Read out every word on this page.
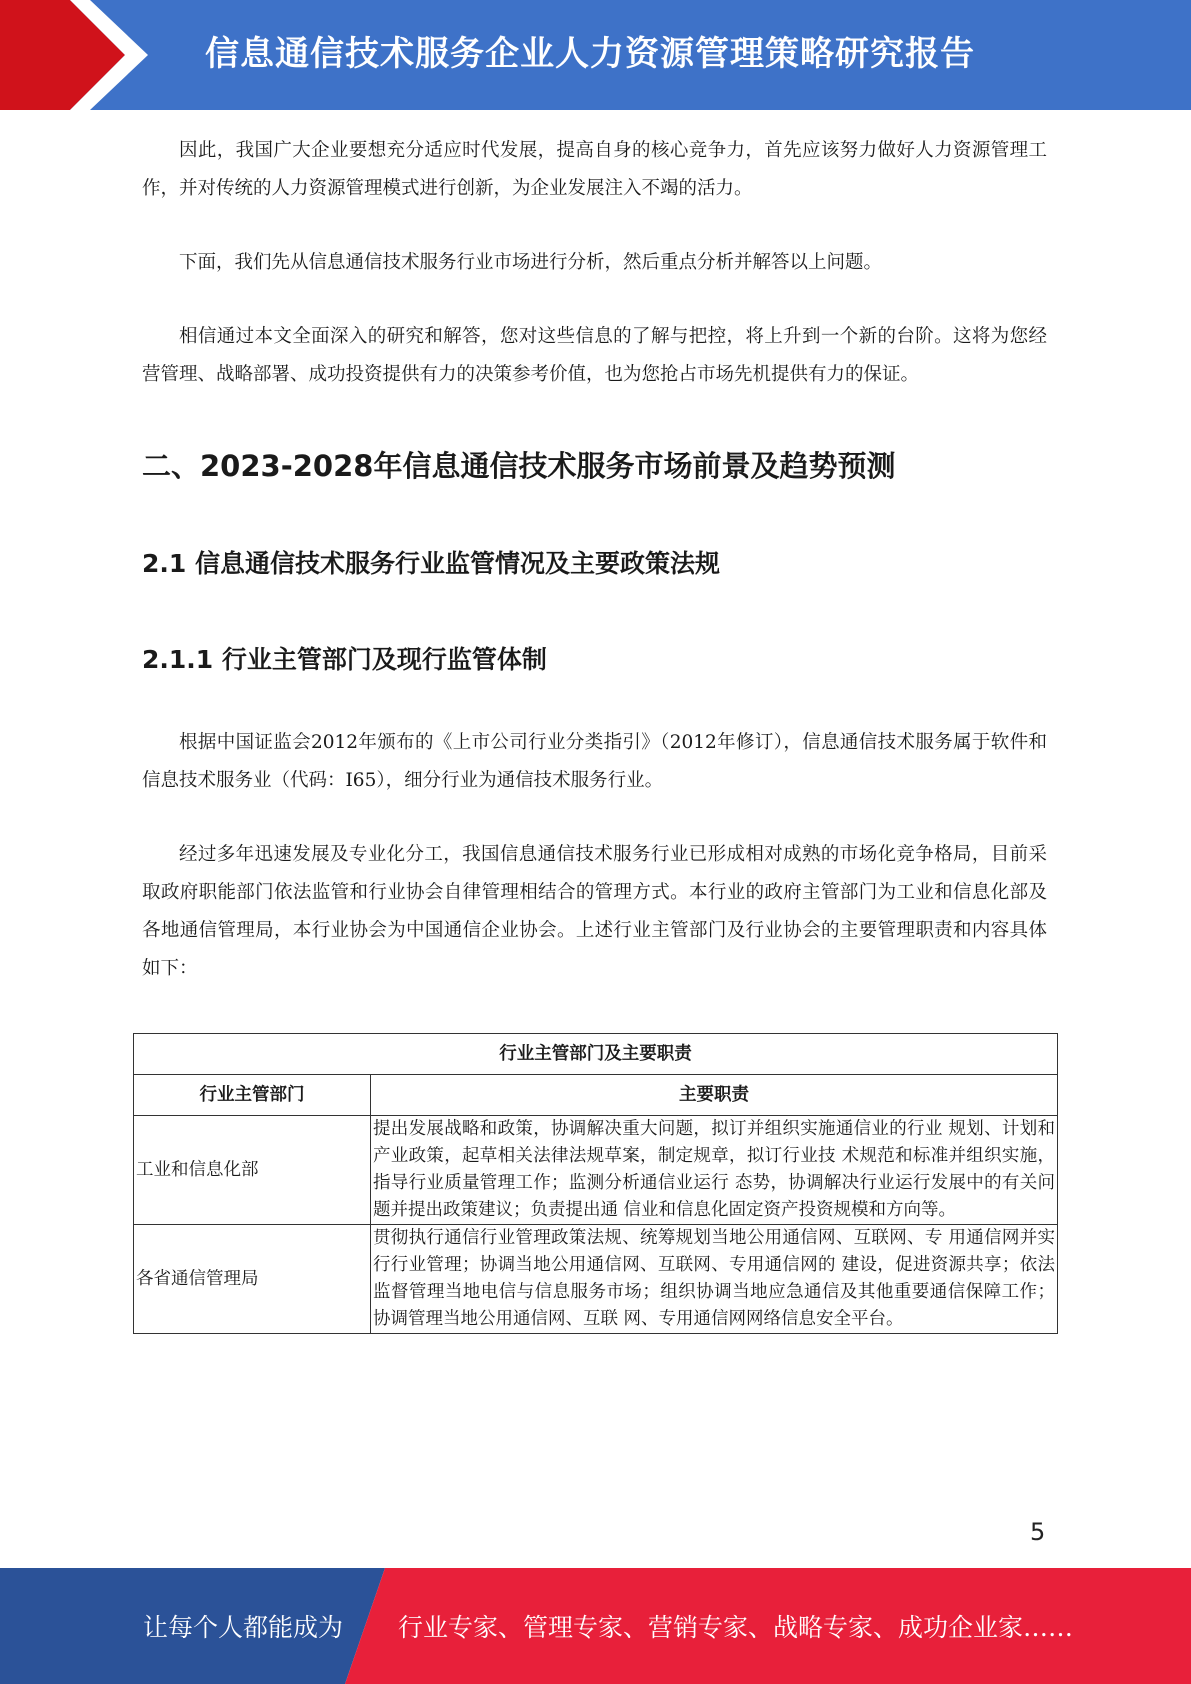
信息通信技术服务企业人力资源管理策略研究报告

因此，我国广大企业要想充分适应时代发展，提高自身的核心竞争力，首先应该努力做好人力资源管理工作，并对传统的人力资源管理模式进行创新，为企业发展注入不竭的活力。

下面，我们先从信息通信技术服务行业市场进行分析，然后重点分析并解答以上问题。

相信通过本文全面深入的研究和解答，您对这些信息的了解与把控，将上升到一个新的台阶。这将为您经营管理、战略部署、成功投资提供有力的决策参考价值，也为您抢占市场先机提供有力的保证。

二、2023-2028年信息通信技术服务市场前景及趋势预测
2.1 信息通信技术服务行业监管情况及主要政策法规
2.1.1 行业主管部门及现行监管体制

根据中国证监会2012年颁布的《上市公司行业分类指引》（2012年修订），信息通信技术服务属于软件和信息技术服务业（代码：I65），细分行业为通信技术服务行业。

经过多年迅速发展及专业化分工，我国信息通信技术服务行业已形成相对成熟的市场化竞争格局，目前采取政府职能部门依法监管和行业协会自律管理相结合的管理方式。本行业的政府主管部门为工业和信息化部及各地通信管理局，本行业协会为中国通信企业协会。上述行业主管部门及行业协会的主要管理职责和内容具体如下：

行业主管部门及主要职责	
行业主管部门	主要职责
工业和信息化部	提出发展战略和政策，协调解决重大问题，拟订并组织实施通信业的行业 规划、计划和产业政策，起草相关法律法规草案，制定规章，拟订行业技 术规范和标准并组织实施，指导行业质量管理工作；监测分析通信业运行 态势，协调解决行业运行发展中的有关问题并提出政策建议；负责提出通 信业和信息化固定资产投资规模和方向等。
各省通信管理局	贯彻执行通信行业管理政策法规、统筹规划当地公用通信网、互联网、专 用通信网并实行行业管理；协调当地公用通信网、互联网、专用通信网的 建设，促进资源共享；依法监督管理当地电信与信息服务市场；组织协调当地应急通信及其他重要通信保障工作；协调管理当地公用通信网、互联 网、专用通信网网络信息安全平台。
5
让每个人都能成为 行业专家、管理专家、营销专家、战略专家、成功企业家……
